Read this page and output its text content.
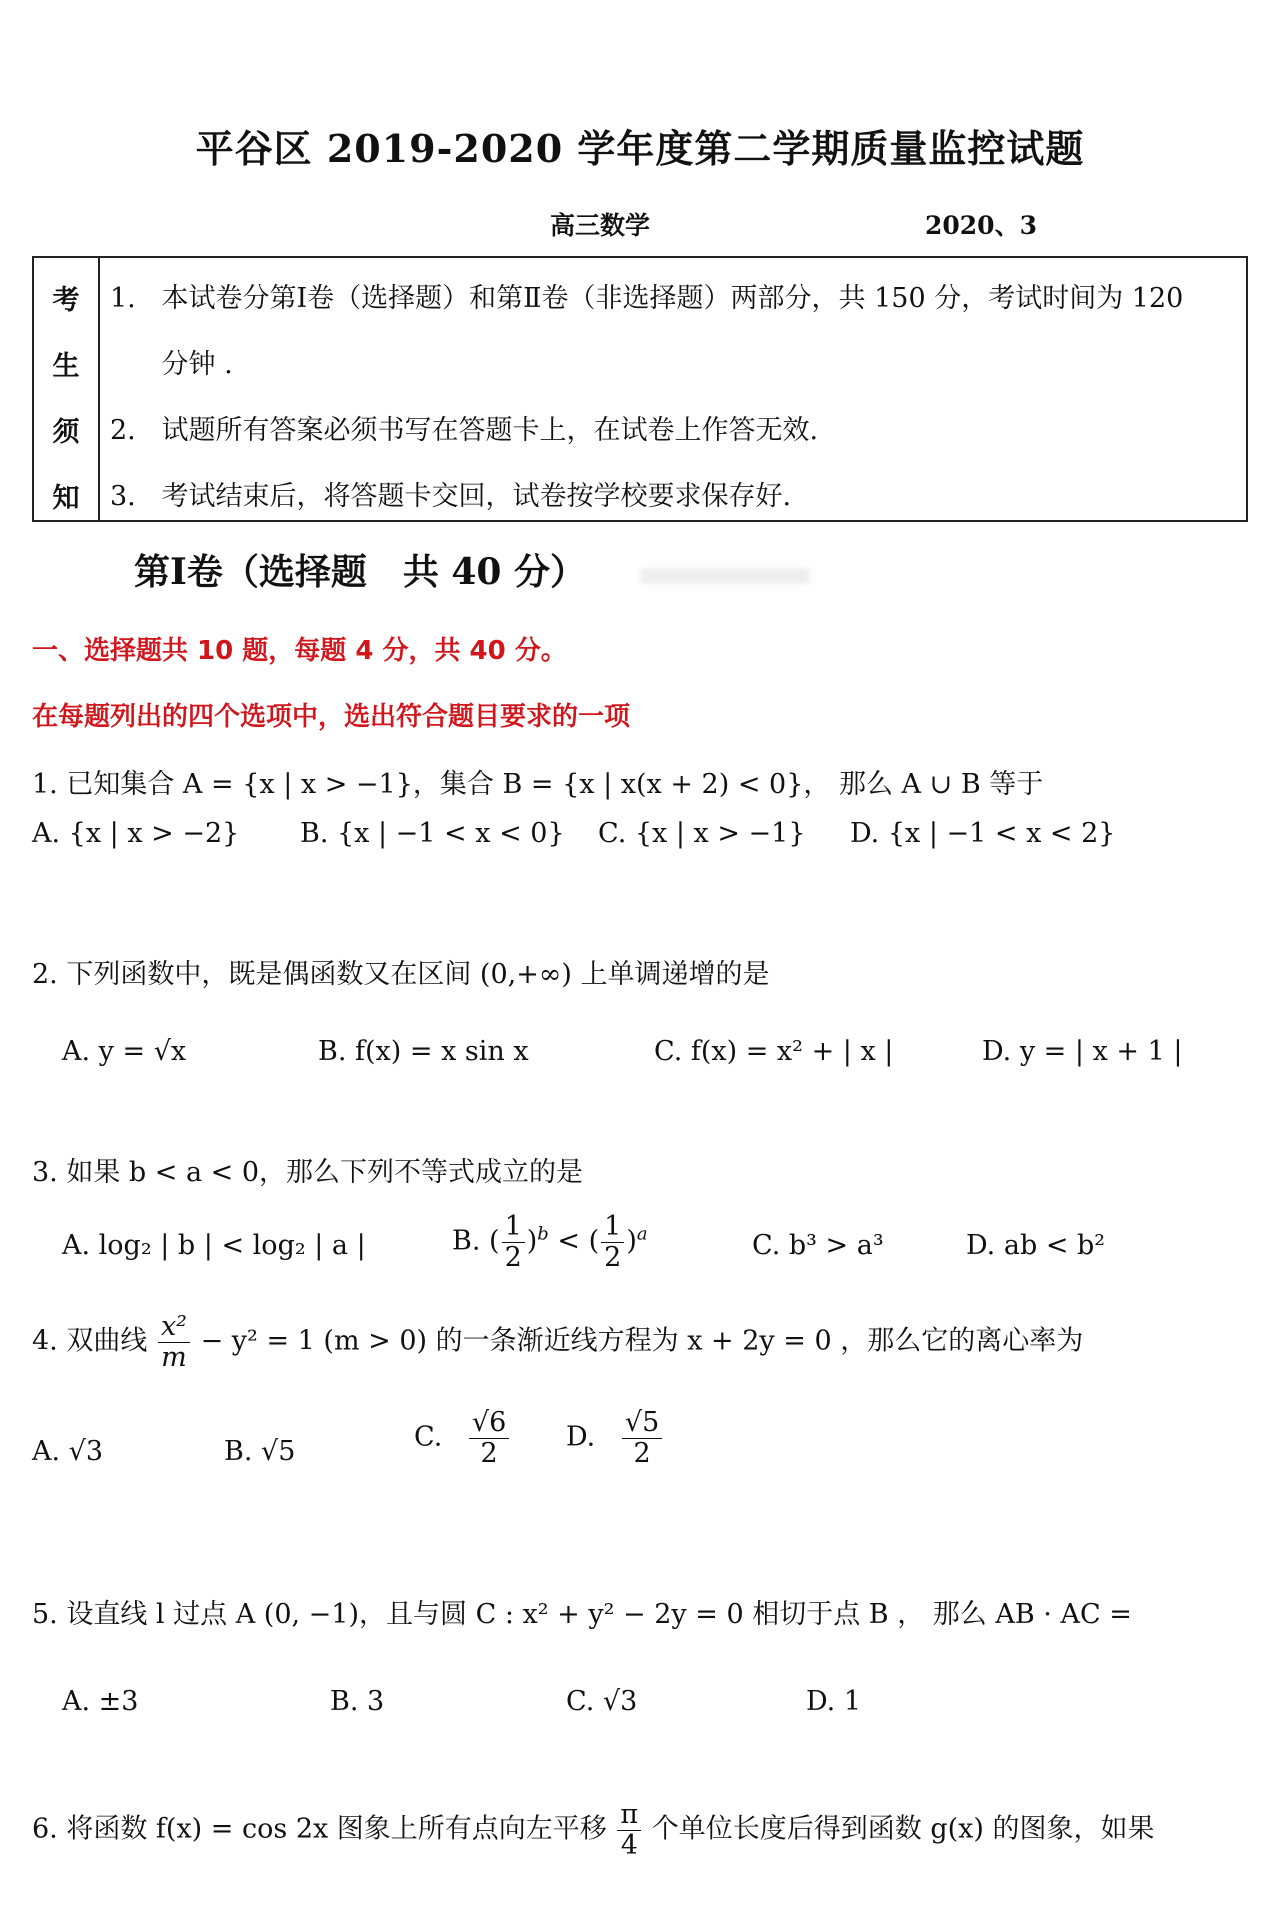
平谷区 2019-2020 学年度第二学期质量监控试题
高三数学	2020、3
考
生
须
知
1.   本试卷分第Ⅰ卷（选择题）和第Ⅱ卷（非选择题）两部分，共 150 分，考试时间为 120
分钟 .
2.   试题所有答案必须书写在答题卡上，在试卷上作答无效.
3.   考试结束后，将答题卡交回，试卷按学校要求保存好.
第Ⅰ卷（选择题　共 40 分）
一、选择题共 10 题，每题 4 分，共 40 分。
在每题列出的四个选项中，选出符合题目要求的一项
1. 已知集合 A = {x | x > −1}，集合 B = {x | x(x + 2) < 0}， 那么 A ∪ B 等于
A. {x | x > −2} B. {x | −1 < x < 0} C. {x | x > −1} D. {x | −1 < x < 2}
2. 下列函数中，既是偶函数又在区间 (0,+∞) 上单调递增的是
A. y = √x	B. f(x) = x sin x	C. f(x) = x² + | x |	D. y = | x + 1 |
3. 如果 b < a < 0，那么下列不等式成立的是
A. log₂ | b | < log₂ | a |	B. ( $\frac{1}{2} )^b$ < ( $\frac{1}{2} )^a$	C. b³ > a³	D. ab < b²
4. 双曲线 $\frac{\text{x²}}{m} - y^2 = 1$ (m > 0) 的一条渐近线方程为 x + 2y = 0 ，那么它的离心率为
A. √3	B. √5	C. $\frac{√6}{2} D$. $\frac{√5}{2}$
5. 设直线 l 过点 A (0, −1)，且与圆 C : x² + y² − 2y = 0 相切于点 B ， 那么 AB · AC =
A. ±3	B. 3	C. √3	D. 1
6. 将函数 f(x) = cos 2x 图象上所有点向左平移 $\frac{\pi}{4}$ 个单位长度后得到函数 g(x) 的图象，如果
